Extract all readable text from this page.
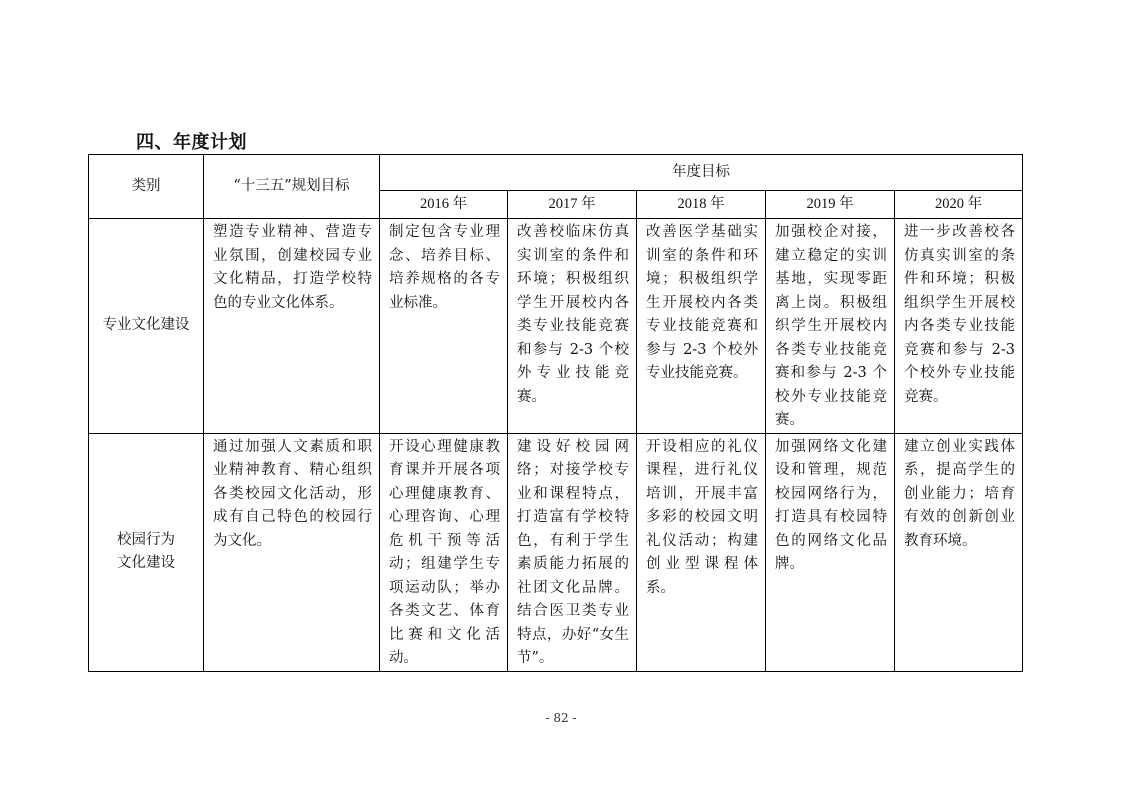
四、年度计划
类别	“十三五”规划目标	年度目标				
		2016 年	2017 年	2018 年	2019 年	2020 年
专业文化建设	塑造专业精神、营造专业氛围，创建校园专业文化精品，打造学校特色的专业文化体系。	制定包含专业理念、培养目标、培养规格的各专业标准。	改善校临床仿真实训室的条件和环境；积极组织学生开展校内各类专业技能竞赛和参与 2-3 个校外专业技能竞赛。	改善医学基础实训室的条件和环境；积极组织学生开展校内各类专业技能竞赛和参与 2-3 个校外专业技能竞赛。	加强校企对接，建立稳定的实训基地，实现零距离上岗。积极组织学生开展校内各类专业技能竞赛和参与 2-3 个校外专业技能竞赛。	进一步改善校各仿真实训室的条件和环境；积极组织学生开展校内各类专业技能竞赛和参与 2-3 个校外专业技能竞赛。

校园行为
文化建设	通过加强人文素质和职业精神教育、精心组织各类校园文化活动，形成有自己特色的校园行为文化。	开设心理健康教育课并开展各项心理健康教育、心理咨询、心理危机干预等活动；组建学生专项运动队；举办各类文艺、体育比赛和文化活动。	建设好校园网络；对接学校专业和课程特点，打造富有学校特色，有利于学生素质能力拓展的社团文化品牌。结合医卫类专业特点，办好“女生节”。	开设相应的礼仪课程，进行礼仪培训，开展丰富多彩的校园文明礼仪活动；构建创业型课程体系。	加强网络文化建设和管理，规范校园网络行为，打造具有校园特色的网络文化品牌。	建立创业实践体系，提高学生的创业能力；培育有效的创新创业教育环境。
- 82 -
